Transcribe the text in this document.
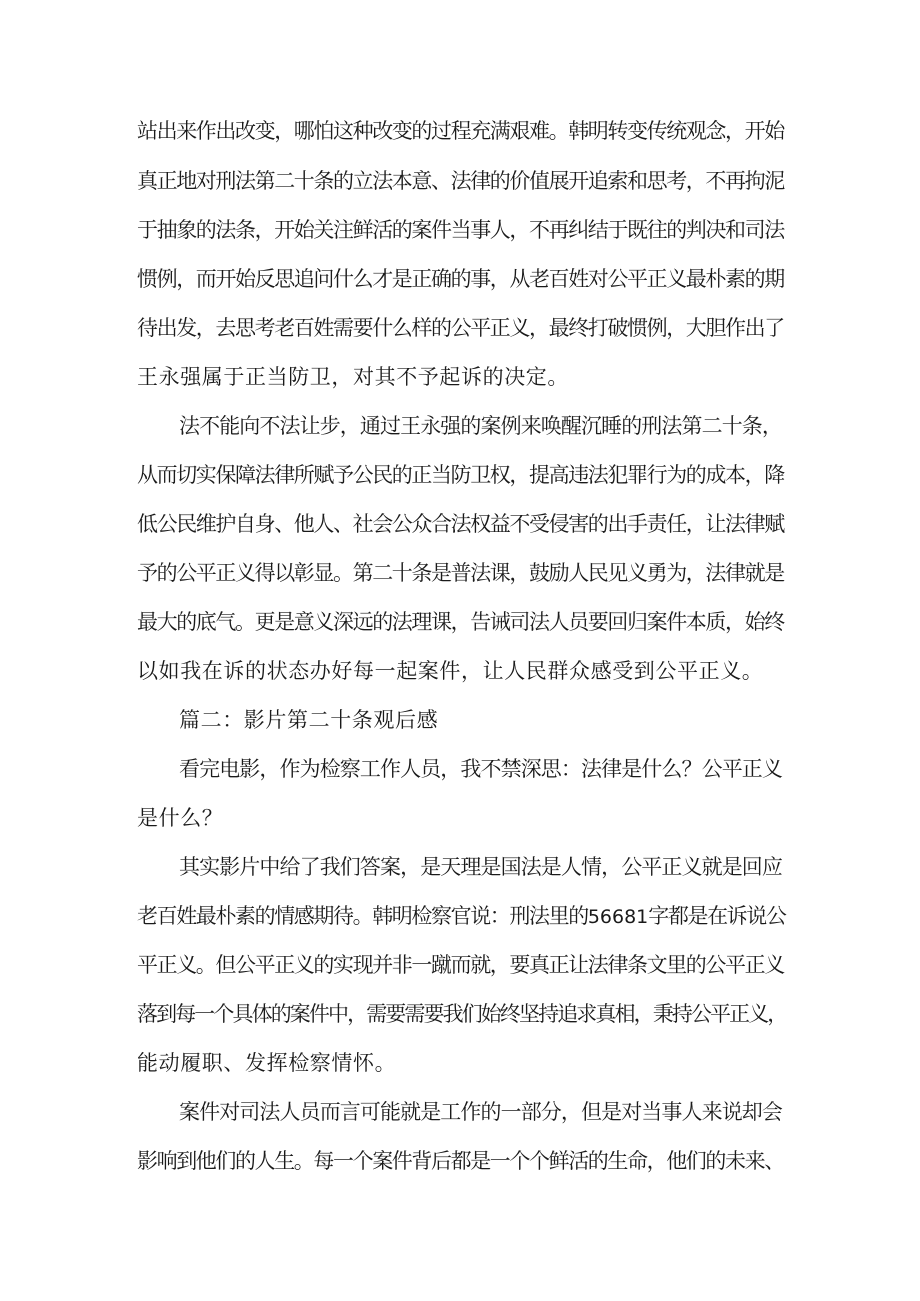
站出来作出改变，哪怕这种改变的过程充满艰难。韩明转变传统观念，开始
真正地对刑法第二十条的立法本意、法律的价值展开追索和思考，不再拘泥
于抽象的法条，开始关注鲜活的案件当事人，不再纠结于既往的判决和司法
惯例，而开始反思追问什么才是正确的事，从老百姓对公平正义最朴素的期
待出发，去思考老百姓需要什么样的公平正义，最终打破惯例，大胆作出了
王永强属于正当防卫，对其不予起诉的决定。
法不能向不法让步，通过王永强的案例来唤醒沉睡的刑法第二十条，
从而切实保障法律所赋予公民的正当防卫权，提高违法犯罪行为的成本，降
低公民维护自身、他人、社会公众合法权益不受侵害的出手责任，让法律赋
予的公平正义得以彰显。第二十条是普法课，鼓励人民见义勇为，法律就是
最大的底气。更是意义深远的法理课，告诫司法人员要回归案件本质，始终
以如我在诉的状态办好每一起案件，让人民群众感受到公平正义。
篇二：影片第二十条观后感
看完电影，作为检察工作人员，我不禁深思：法律是什么？公平正义
是什么？
其实影片中给了我们答案，是天理是国法是人情，公平正义就是回应
老百姓最朴素的情感期待。韩明检察官说：刑法里的56681字都是在诉说公
平正义。但公平正义的实现并非一蹴而就，要真正让法律条文里的公平正义
落到每一个具体的案件中，需要需要我们始终坚持追求真相，秉持公平正义，
能动履职、发挥检察情怀。
案件对司法人员而言可能就是工作的一部分，但是对当事人来说却会
影响到他们的人生。每一个案件背后都是一个个鲜活的生命，他们的未来、
